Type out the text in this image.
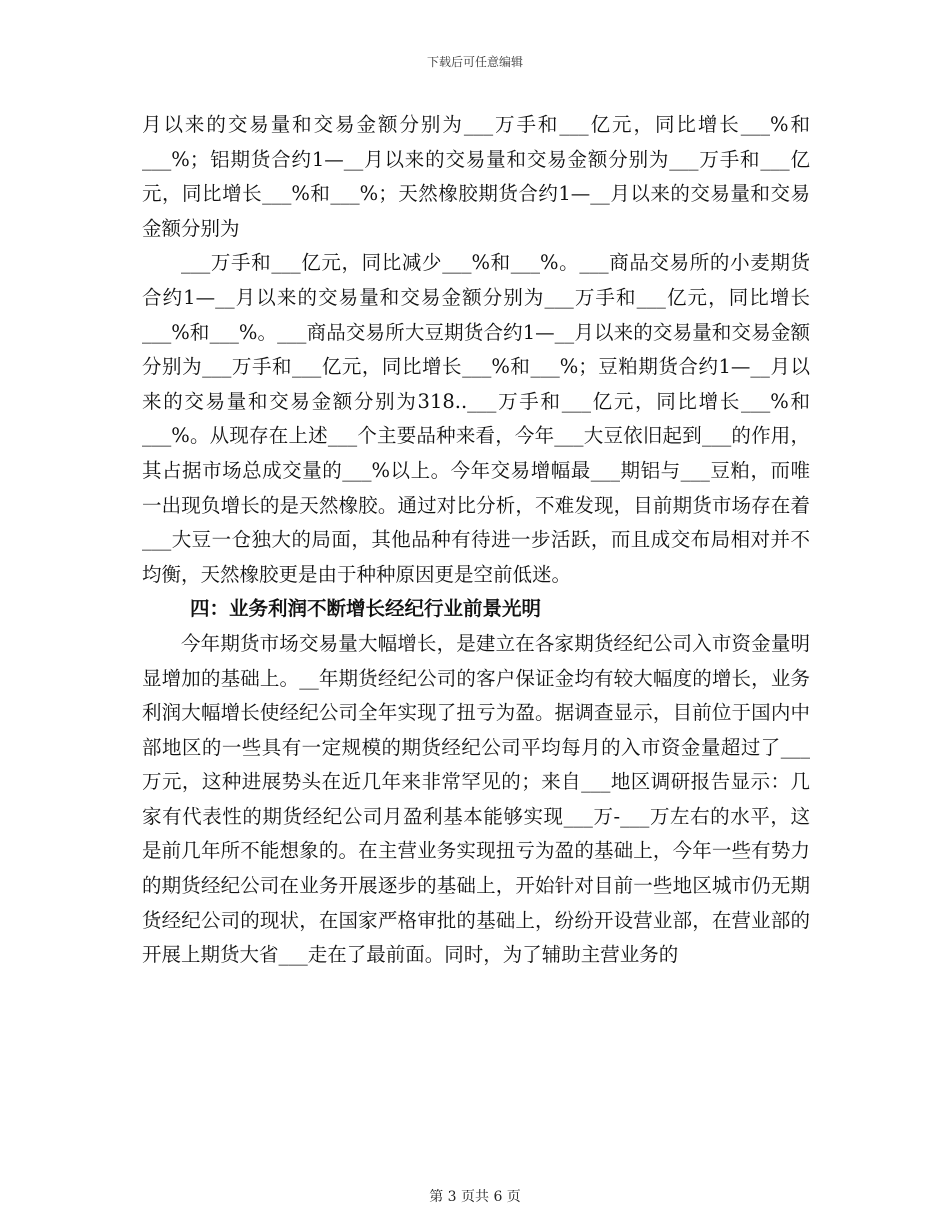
下载后可任意编辑

月以来的交易量和交易金额分别为___万手和___亿元，同比增长___%和___%；铝期货合约1—__月以来的交易量和交易金额分别为___万手和___亿元，同比增长___%和___%；天然橡胶期货合约1—__月以来的交易量和交易金额分别为

___万手和___亿元，同比减少___%和___%。___商品交易所的小麦期货合约1—__月以来的交易量和交易金额分别为___万手和___亿元，同比增长___%和___%。___商品交易所大豆期货合约1—__月以来的交易量和交易金额分别为___万手和___亿元，同比增长___%和___%；豆粕期货合约1—__月以来的交易量和交易金额分别为318..___万手和___亿元，同比增长___%和___%。从现存在上述___个主要品种来看，今年___大豆依旧起到___的作用，其占据市场总成交量的___%以上。今年交易增幅最___期铝与___豆粕，而唯一出现负增长的是天然橡胶。通过对比分析，不难发现，目前期货市场存在着___大豆一仓独大的局面，其他品种有待进一步活跃，而且成交布局相对并不均衡，天然橡胶更是由于种种原因更是空前低迷。

四：业务利润不断增长经纪行业前景光明

今年期货市场交易量大幅增长，是建立在各家期货经纪公司入市资金量明显增加的基础上。__年期货经纪公司的客户保证金均有较大幅度的增长，业务利润大幅增长使经纪公司全年实现了扭亏为盈。据调查显示，目前位于国内中部地区的一些具有一定规模的期货经纪公司平均每月的入市资金量超过了___万元，这种进展势头在近几年来非常罕见的；来自___地区调研报告显示：几家有代表性的期货经纪公司月盈利基本能够实现___万-___万左右的水平，这是前几年所不能想象的。在主营业务实现扭亏为盈的基础上，今年一些有势力的期货经纪公司在业务开展逐步的基础上，开始针对目前一些地区城市仍无期货经纪公司的现状，在国家严格审批的基础上，纷纷开设营业部，在营业部的开展上期货大省___走在了最前面。同时，为了辅助主营业务的

第 3 页共 6 页
